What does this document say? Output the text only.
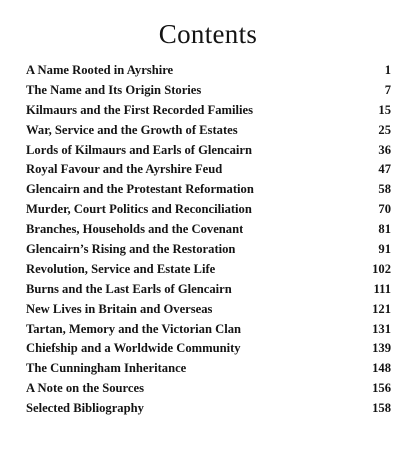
Contents
A Name Rooted in Ayrshire	1
The Name and Its Origin Stories	7
Kilmaurs and the First Recorded Families	15
War, Service and the Growth of Estates	25
Lords of Kilmaurs and Earls of Glencairn	36
Royal Favour and the Ayrshire Feud	47
Glencairn and the Protestant Reformation	58
Murder, Court Politics and Reconciliation	70
Branches, Households and the Covenant	81
Glencairn’s Rising and the Restoration	91
Revolution, Service and Estate Life	102
Burns and the Last Earls of Glencairn	111
New Lives in Britain and Overseas	121
Tartan, Memory and the Victorian Clan	131
Chiefship and a Worldwide Community	139
The Cunningham Inheritance	148
A Note on the Sources	156
Selected Bibliography	158
